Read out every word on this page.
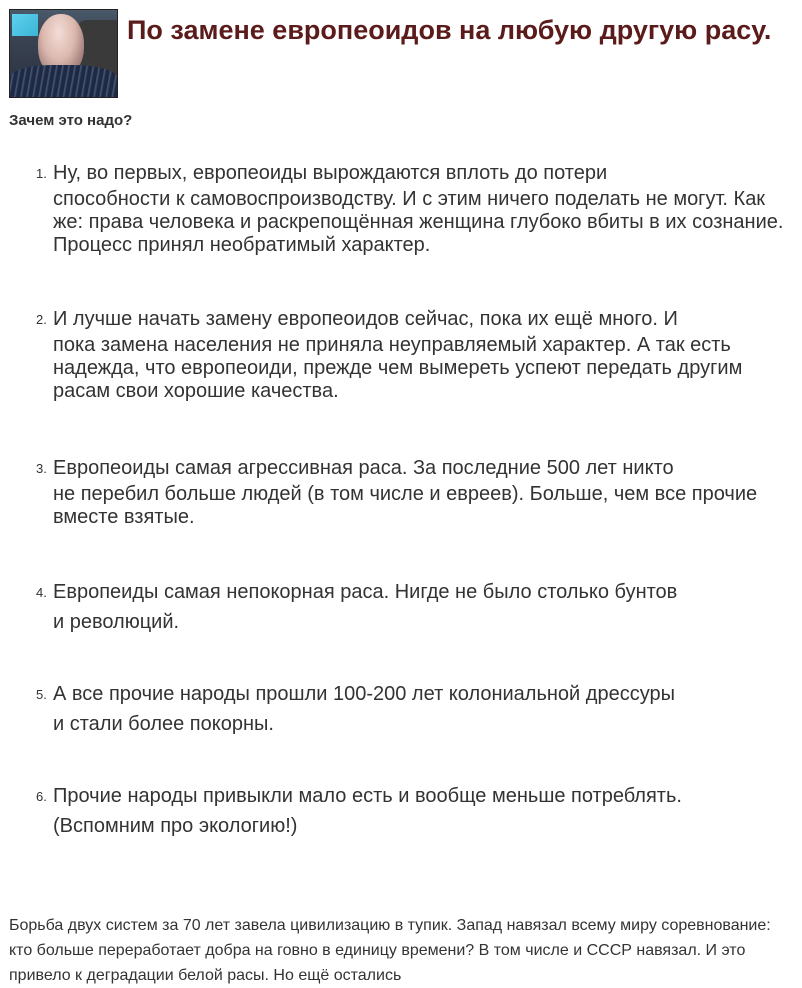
По замене европеоидов на любую другую расу.
Зачем это надо?
1. Ну, во первых, европеоиды вырождаются вплоть до потери
способности к самовоспроизводству. И с этим ничего поделать не могут. Как же: права человека и раскрепощённая женщина глубоко вбиты в их сознание. Процесс принял необратимый характер.
2. И лучше начать замену европеоидов сейчас, пока их ещё много. И
пока замена населения не приняла неуправляемый характер. А так есть надежда, что европеоиди, прежде чем вымереть успеют передать другим расам свои хорошие качества.
3. Европеоиды самая агрессивная раса. За последние 500 лет никто
не перебил больше людей (в том числе и евреев). Больше, чем все прочие вместе взятые.
4. Европеиды самая непокорная раса. Нигде не было столько бунтов
и революций.
5. А все прочие народы прошли 100-200 лет колониальной дрессуры
и стали более покорны.
6. Прочие народы привыкли мало есть и вообще меньше потреблять.
(Вспомним про экологию!)

Борьба двух систем за 70 лет завела цивилизацию в тупик. Запад навязал всему миру соревнование: кто больше переработает добра на говно в единицу времени? В том числе и СССР навязал. И это привело к деградации белой расы. Но ещё остались
